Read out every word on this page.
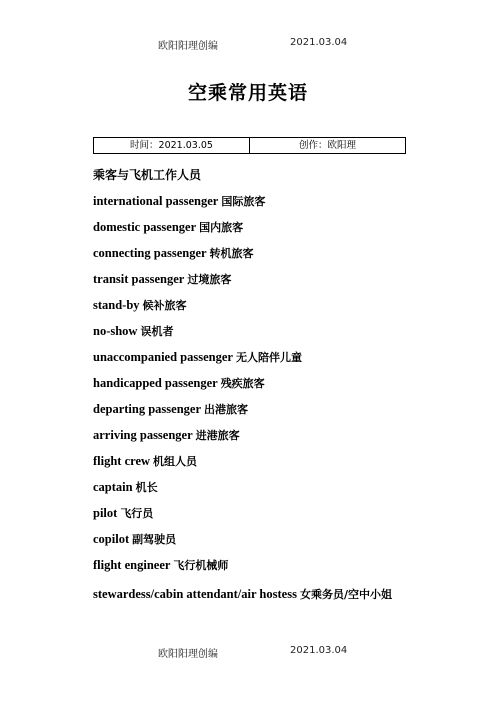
欧阳阳理创编	2021.03.04
空乘常用英语
时间：2021.03.05	创作：欧阳理
乘客与飞机工作人员
international passenger 国际旅客
domestic passenger 国内旅客
connecting passenger 转机旅客
transit passenger 过境旅客
stand-by 候补旅客
no-show 误机者
unaccompanied passenger 无人陪伴儿童
handicapped passenger 残疾旅客
departing passenger 出港旅客
arriving passenger 进港旅客
flight crew 机组人员
captain 机长
pilot 飞行员
copilot 副驾驶员
flight engineer 飞行机械师
stewardess/cabin attendant/air hostess 女乘务员/空中小姐
欧阳阳理创编	2021.03.04
